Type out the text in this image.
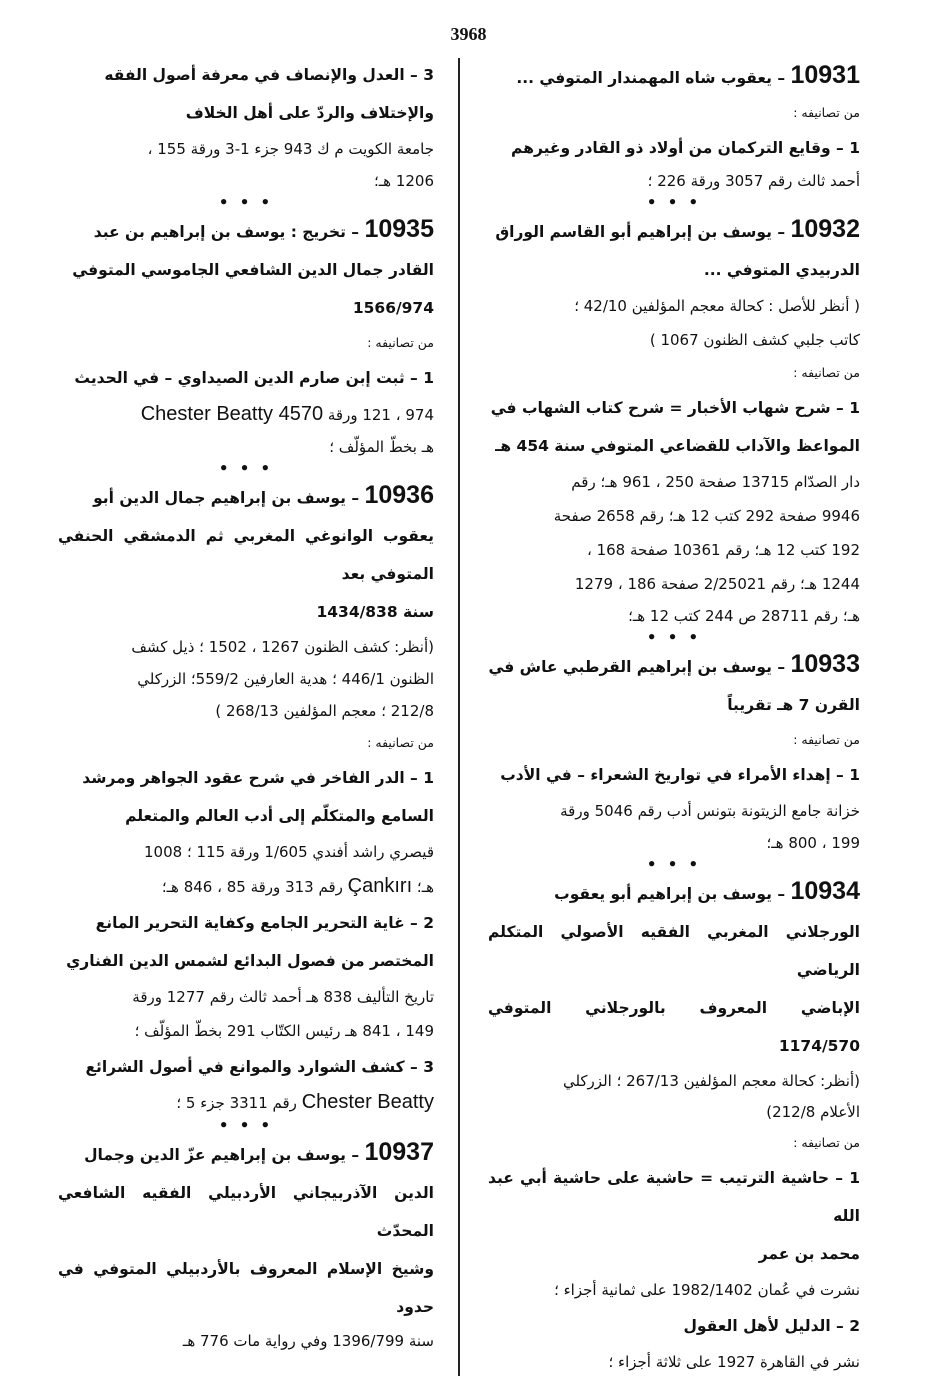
3968
10931 – يعقوب شاه المهمندار المتوفي ...
من تصانيفه :
1 – وقايع التركمان من أولاد ذو القادر وغيرهم
أحمد ثالث رقم 3057 ورقة 226 ؛
• • •
10932 – يوسف بن إبراهيم أبو القاسم الوراق
الدربيدي المتوفي ...
( أنظر للأصل : كحالة معجم المؤلفين 42/10 ؛
كاتب جلبي كشف الظنون 1067 )
من تصانيفه :
1 – شرح شهاب الأخبار = شرح كتاب الشهاب في
المواعظ والآداب للقضاعي المتوفي سنة 454 هـ
دار الصدّام 13715 صفحة 250 ، 961 هـ؛ رقم
9946 صفحة 292 كتب 12 هـ؛ رقم 2658 صفحة
192 كتب 12 هـ؛ رقم 10361 صفحة 168 ،
1244 هـ؛ رقم 2/25021 صفحة 186 ، 1279
هـ؛ رقم 28711 ص 244 كتب 12 هـ؛
• • •
10933 – يوسف بن إبراهيم القرطبي عاش في
القرن 7 هـ تقريباً
من تصانيفه :
1 – إهداء الأمراء في تواريخ الشعراء – في الأدب
خزانة جامع الزيتونة بتونس أدب رقم 5046 ورقة
199 ، 800 هـ؛
• • •
10934 – يوسف بن إبراهيم أبو يعقوب
الورجلاني المغربي الفقيه الأصولي المتكلم الرياضي
الإباضي المعروف بالورجلاني المتوفي 1174/570
(أنظر: كحالة معجم المؤلفين 267/13 ؛ الزركلي
الأعلام 212/8)
من تصانيفه :
1 – حاشية الترتيب = حاشية على حاشية أبي عبد الله
محمد بن عمر
نشرت في عُمان 1982/1402 على ثمانية أجزاء ؛
2 – الدليل لأهل العقول
نشر في القاهرة 1927 على ثلاثة أجزاء ؛
3 – العدل والإنصاف في معرفة أصول الفقه
والإختلاف والردّ على أهل الخلاف
جامعة الكويت م ك 943 جزء 1-3 ورقة 155 ،
1206 هـ؛
• • •
10935 – تخريج : يوسف بن إبراهيم بن عبد
القادر جمال الدين الشافعي الجاموسي المتوفي
1566/974
من تصانيفه :
1 – ثبت إبن صارم الدين الصيداوي – في الحديث
974 ، 121 ورقة Chester Beatty 4570
هـ بخطّ المؤلّف ؛
• • •
10936 – يوسف بن إبراهيم جمال الدين أبو
يعقوب الوانوغي المغربي ثم الدمشقي الحنفي المتوفي بعد
سنة 1434/838
(أنظر: كشف الظنون 1267 ، 1502 ؛ ذيل كشف
الظنون 446/1 ؛ هدية العارفين 559/2؛ الزركلي
212/8 ؛ معجم المؤلفين 268/13 )
من تصانيفه :
1 – الدر الفاخر في شرح عقود الجواهر ومرشد
السامع والمتكلّم إلى أدب العالم والمتعلم
قيصري راشد أفندي 1/605 ورقة 115 ؛ 1008
هـ؛ Çankırı رقم 313 ورقة 85 ، 846 هـ؛
2 – غاية التحرير الجامع وكفاية التحرير المانع
المختصر من فصول البدائع لشمس الدين الفناري
تاريخ التأليف 838 هـ أحمد ثالث رقم 1277 ورقة
149 ، 841 هـ رئيس الكتّاب 291 بخطّ المؤلّف ؛
3 – كشف الشوارد والموانع في أصول الشرائع
Chester Beatty رقم 3311 جزء 5 ؛
• • •
10937 – يوسف بن إبراهيم عزّ الدين وجمال
الدين الآذربيجاني الأردبيلي الفقيه الشافعي المحدّث
وشيخ الإسلام المعروف بالأردبيلي المتوفي في حدود
سنة 1396/799 وفي رواية مات 776 هـ
